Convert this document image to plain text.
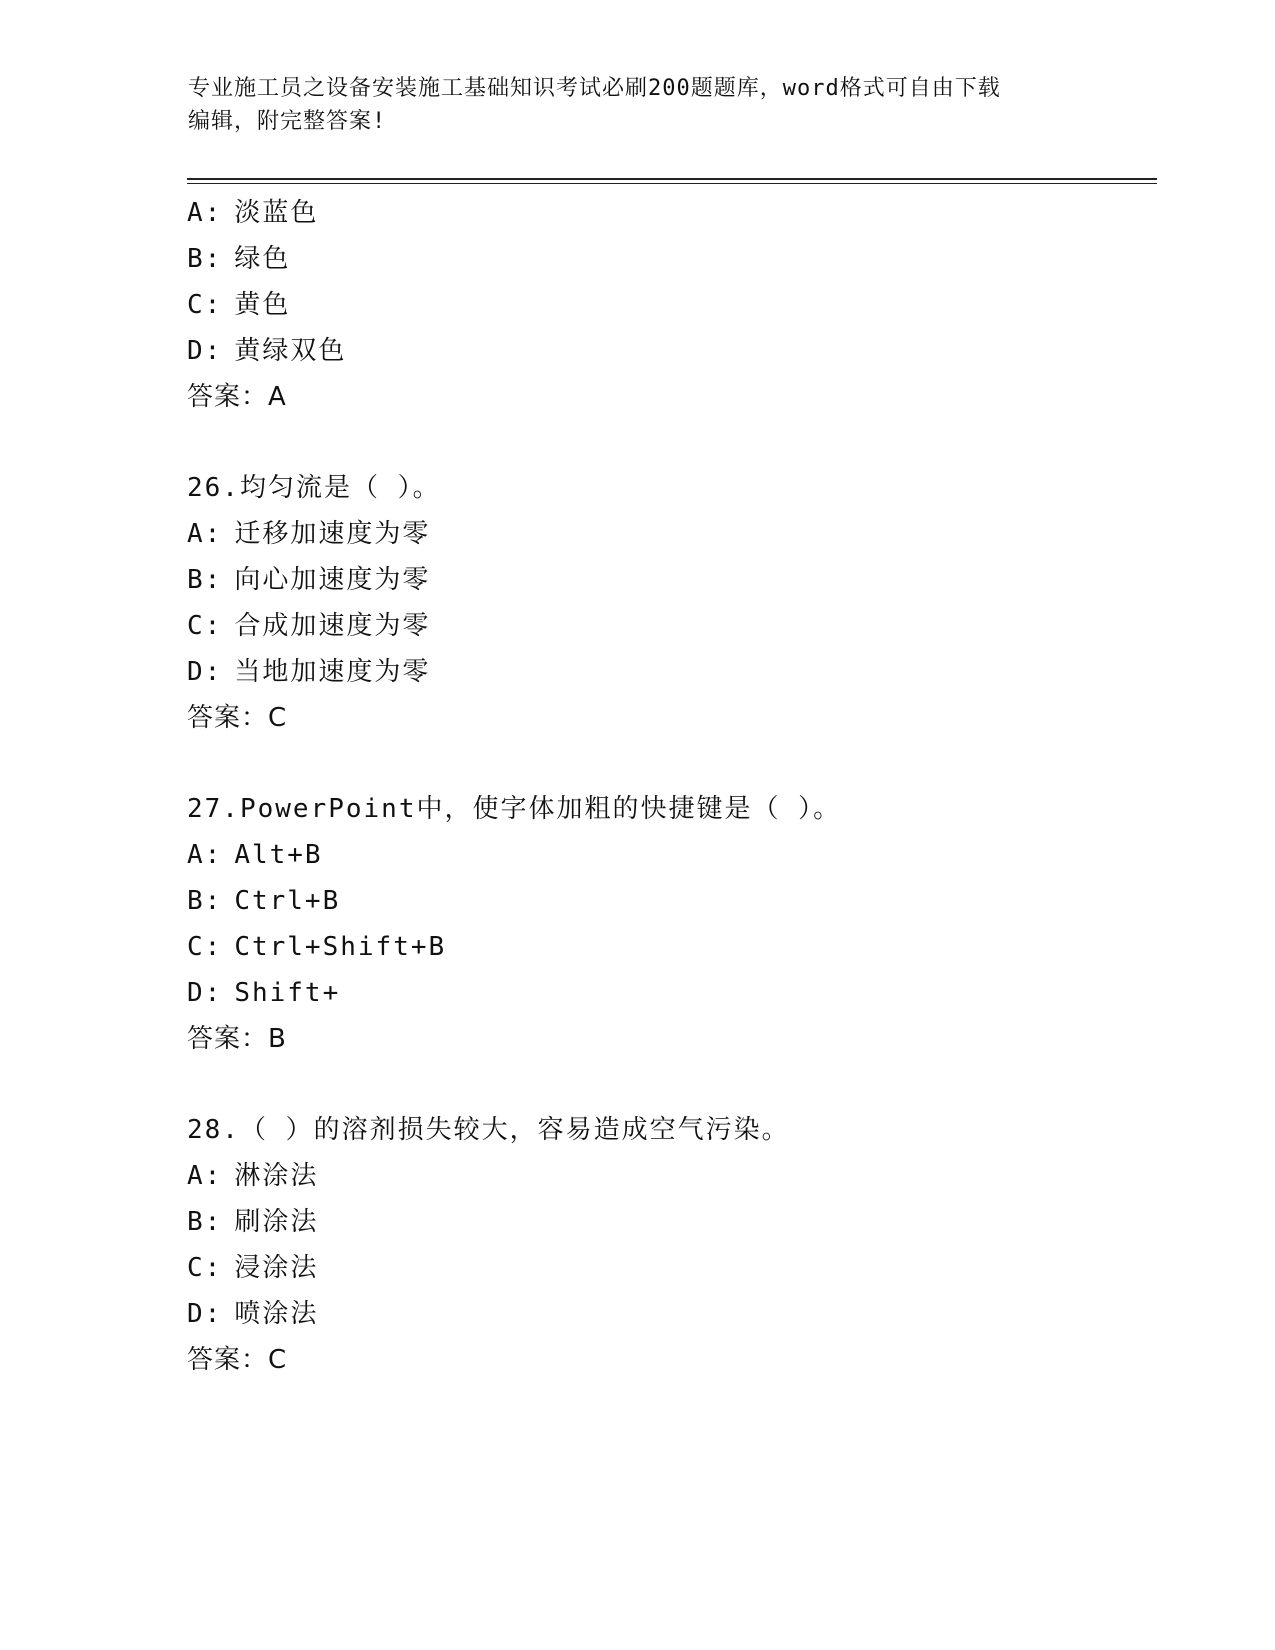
专业施工员之设备安装施工基础知识考试必刷200题题库，word格式可自由下载
编辑，附完整答案!
A: 淡蓝色
B: 绿色
C: 黄色
D: 黄绿双色
答案：A
26.均匀流是（ ）。
A: 迁移加速度为零
B: 向心加速度为零
C: 合成加速度为零
D: 当地加速度为零
答案：C
27.PowerPoint中，使字体加粗的快捷键是（ ）。
A: Alt+B
B: Ctrl+B
C: Ctrl+Shift+B
D: Shift+
答案：B
28.（ ）的溶剂损失较大，容易造成空气污染。
A: 淋涂法
B: 刷涂法
C: 浸涂法
D: 喷涂法
答案：C
